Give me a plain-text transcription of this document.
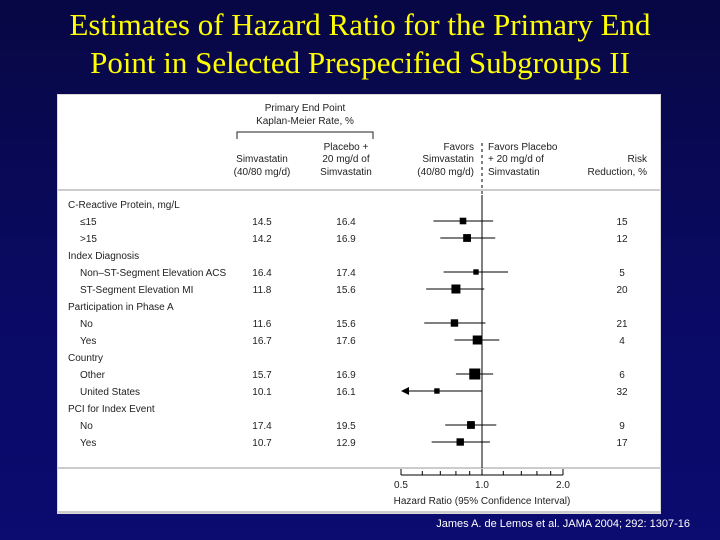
Estimates of Hazard Ratio for the Primary End
Point in Selected Prespecified Subgroups II
Primary End Point
Kaplan-Meier Rate, %
Simvastatin
(40/80 mg/d)
Placebo +
20 mg/d of
Simvastatin
Favors
Simvastatin
(40/80 mg/d)
Favors Placebo
+ 20 mg/d of
Simvastatin
Risk
Reduction, %
C-Reactive Protein, mg/L
≤15	14.5	16.4	15
>15	14.2	16.9	12
Index Diagnosis
Non–ST-Segment Elevation ACS	16.4	17.4	5
ST-Segment Elevation MI	11.8	15.6	20
Participation in Phase A
No	11.6	15.6	21
Yes	16.7	17.6	4
Country
Other	15.7	16.9	6
United States	10.1	16.1	32
PCI for Index Event
No	17.4	19.5	9
Yes	10.7	12.9	17
0.5	1.0	2.0
Hazard Ratio (95% Confidence Interval)
James A. de Lemos et al. JAMA 2004; 292: 1307-16
